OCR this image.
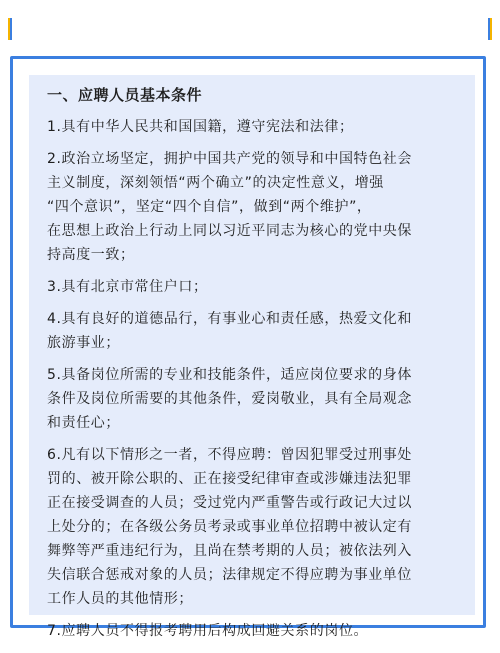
一、应聘人员基本条件
1.具有中华人民共和国国籍，遵守宪法和法律；
2.政治立场坚定，拥护中国共产党的领导和中国特色社会
主义制度，深刻领悟“两个确立”的决定性意义，增强
“四个意识”，坚定“四个自信”，做到“两个维护”，
在思想上政治上行动上同以习近平同志为核心的党中央保
持高度一致；
3.具有北京市常住户口；
4.具有良好的道德品行，有事业心和责任感，热爱文化和
旅游事业；
5.具备岗位所需的专业和技能条件，适应岗位要求的身体
条件及岗位所需要的其他条件，爱岗敬业，具有全局观念
和责任心；
6.凡有以下情形之一者，不得应聘：曾因犯罪受过刑事处
罚的、被开除公职的、正在接受纪律审查或涉嫌违法犯罪
正在接受调查的人员；受过党内严重警告或行政记大过以
上处分的；在各级公务员考录或事业单位招聘中被认定有
舞弊等严重违纪行为，且尚在禁考期的人员；被依法列入
失信联合惩戒对象的人员；法律规定不得应聘为事业单位
工作人员的其他情形；
7.应聘人员不得报考聘用后构成回避关系的岗位。
